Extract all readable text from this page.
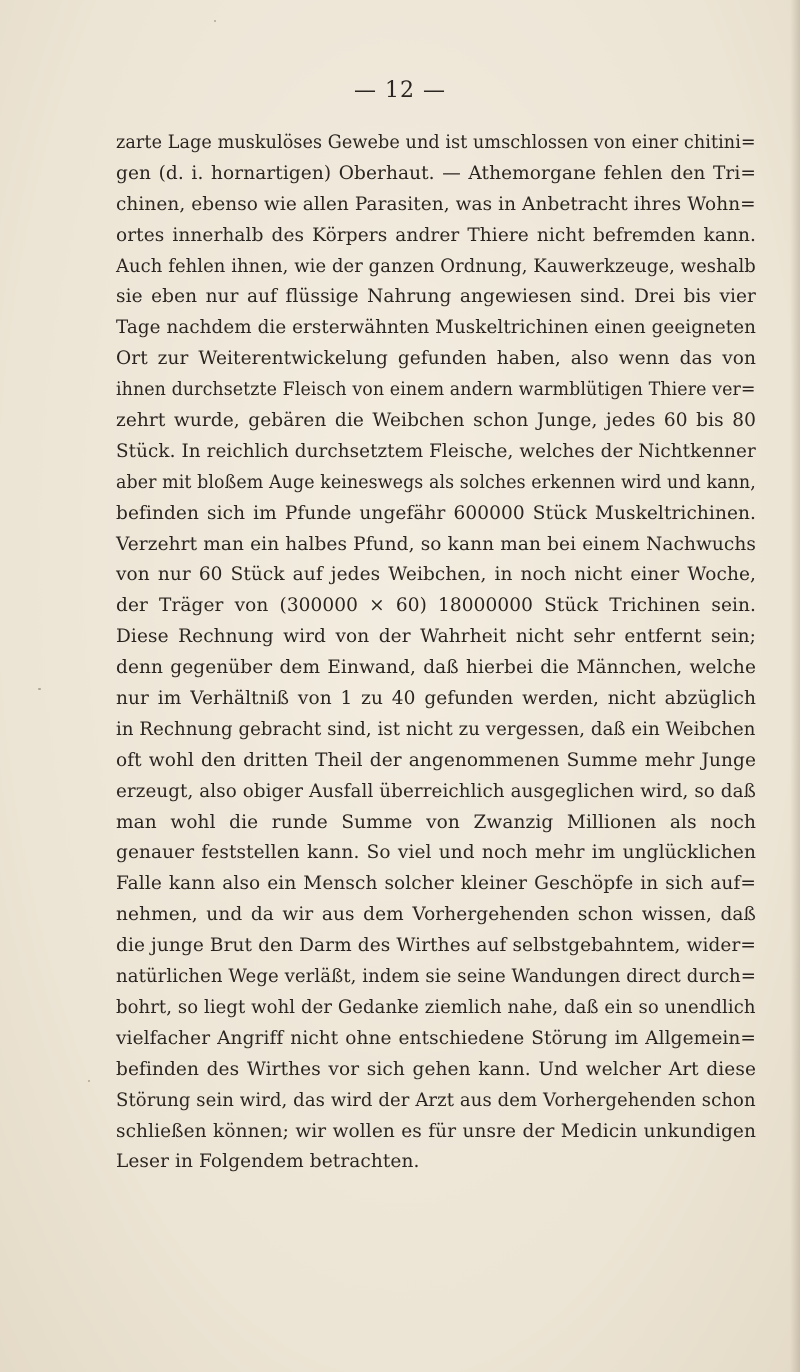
— 12 —
zarte Lage muskulöses Gewebe und ist umschlossen von einer chitini=
gen (d. i. hornartigen) Oberhaut. — Athemorgane fehlen den Tri=
chinen, ebenso wie allen Parasiten, was in Anbetracht ihres Wohn=
ortes innerhalb des Körpers andrer Thiere nicht befremden kann.
Auch fehlen ihnen, wie der ganzen Ordnung, Kauwerkzeuge, weshalb
sie eben nur auf flüssige Nahrung angewiesen sind. Drei bis vier
Tage nachdem die ersterwähnten Muskeltrichinen einen geeigneten
Ort zur Weiterentwickelung gefunden haben, also wenn das von
ihnen durchsetzte Fleisch von einem andern warmblütigen Thiere ver=
zehrt wurde, gebären die Weibchen schon Junge, jedes 60 bis 80
Stück. In reichlich durchsetztem Fleische, welches der Nichtkenner
aber mit bloßem Auge keineswegs als solches erkennen wird und kann,
befinden sich im Pfunde ungefähr 600000 Stück Muskeltrichinen.
Verzehrt man ein halbes Pfund, so kann man bei einem Nachwuchs
von nur 60 Stück auf jedes Weibchen, in noch nicht einer Woche,
der Träger von (300000 × 60) 18000000 Stück Trichinen sein.
Diese Rechnung wird von der Wahrheit nicht sehr entfernt sein;
denn gegenüber dem Einwand, daß hierbei die Männchen, welche
nur im Verhältniß von 1 zu 40 gefunden werden, nicht abzüglich
in Rechnung gebracht sind, ist nicht zu vergessen, daß ein Weibchen
oft wohl den dritten Theil der angenommenen Summe mehr Junge
erzeugt, also obiger Ausfall überreichlich ausgeglichen wird, so daß
man wohl die runde Summe von Zwanzig Millionen als noch
genauer feststellen kann. So viel und noch mehr im unglücklichen
Falle kann also ein Mensch solcher kleiner Geschöpfe in sich auf=
nehmen, und da wir aus dem Vorhergehenden schon wissen, daß
die junge Brut den Darm des Wirthes auf selbstgebahntem, wider=
natürlichen Wege verläßt, indem sie seine Wandungen direct durch=
bohrt, so liegt wohl der Gedanke ziemlich nahe, daß ein so unendlich
vielfacher Angriff nicht ohne entschiedene Störung im Allgemein=
befinden des Wirthes vor sich gehen kann. Und welcher Art diese
Störung sein wird, das wird der Arzt aus dem Vorhergehenden schon
schließen können; wir wollen es für unsre der Medicin unkundigen
Leser in Folgendem betrachten.
